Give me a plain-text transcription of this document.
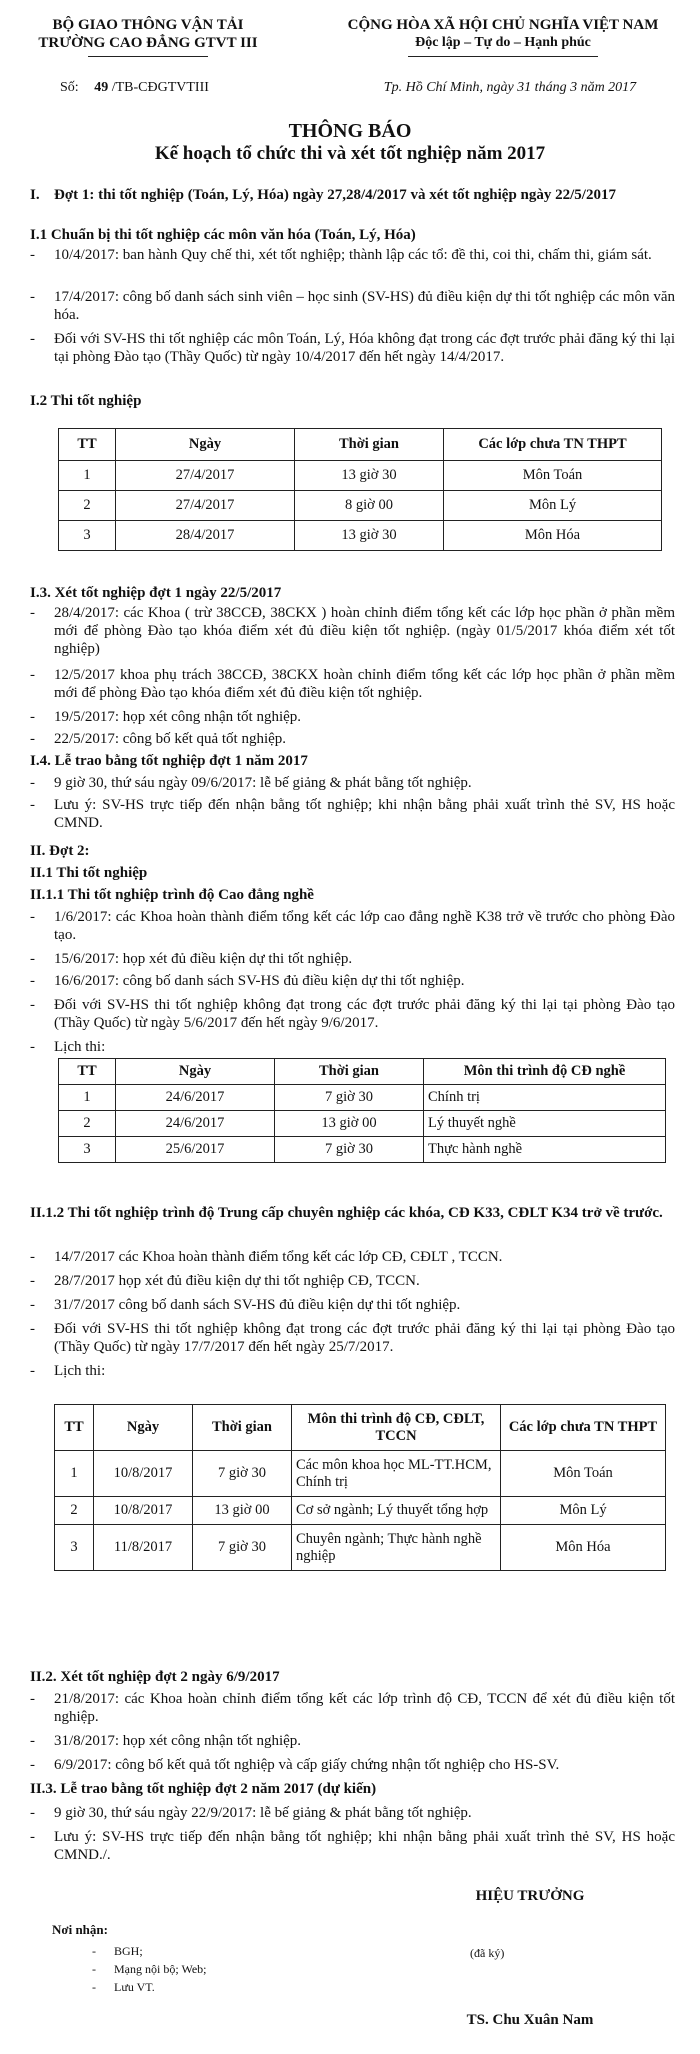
BỘ GIAO THÔNG VẬN TẢI
TRƯỜNG CAO ĐẲNG GTVT III
CỘNG HÒA XÃ HỘI CHỦ NGHĨA VIỆT NAM
Độc lập – Tự do – Hạnh phúc
Số: 49 /TB-CĐGTVTIII	Tp. Hồ Chí Minh, ngày 31 tháng 3 năm 2017
THÔNG BÁO
Kế hoạch tổ chức thi và xét tốt nghiệp năm 2017
I. Đợt 1: thi tốt nghiệp (Toán, Lý, Hóa) ngày 27,28/4/2017 và xét tốt nghiệp ngày 22/5/2017
I.1 Chuẩn bị thi tốt nghiệp các môn văn hóa (Toán, Lý, Hóa)
-	10/4/2017: ban hành Quy chế thi, xét tốt nghiệp; thành lập các tổ: đề thi, coi thi, chấm thi, giám sát.
-	17/4/2017: công bố danh sách sinh viên – học sinh (SV-HS) đủ điều kiện dự thi tốt nghiệp các môn văn hóa.
-	Đối với SV-HS thi tốt nghiệp các môn Toán, Lý, Hóa không đạt trong các đợt trước phải đăng ký thi lại tại phòng Đào tạo (Thầy Quốc) từ ngày 10/4/2017 đến hết ngày 14/4/2017.
I.2 Thi tốt nghiệp
TT	Ngày	Thời gian	Các lớp chưa TN THPT
1	27/4/2017	13 giờ 30	Môn Toán
2	27/4/2017	8 giờ 00	Môn Lý
3	28/4/2017	13 giờ 30	Môn Hóa
I.3. Xét tốt nghiệp đợt 1 ngày 22/5/2017
-	28/4/2017: các Khoa ( trừ 38CCĐ, 38CKX ) hoàn chỉnh điểm tổng kết các lớp học phần ở phần mềm mới để phòng Đào tạo khóa điểm xét đủ điều kiện tốt nghiệp. (ngày 01/5/2017 khóa điểm xét tốt nghiệp)
-	12/5/2017 khoa phụ trách 38CCĐ, 38CKX hoàn chỉnh điểm tổng kết các lớp học phần ở phần mềm mới để phòng Đào tạo khóa điểm xét đủ điều kiện tốt nghiệp.
-	19/5/2017: họp xét công nhận tốt nghiệp.
-	22/5/2017: công bố kết quả tốt nghiệp.
I.4. Lễ trao bằng tốt nghiệp đợt 1 năm 2017
-	9 giờ 30, thứ sáu ngày 09/6/2017: lễ bế giảng & phát bằng tốt nghiệp.
-	Lưu ý: SV-HS trực tiếp đến nhận bằng tốt nghiệp; khi nhận bằng phải xuất trình thẻ SV, HS hoặc CMND.
II. Đợt 2:
II.1 Thi tốt nghiệp
II.1.1 Thi tốt nghiệp trình độ Cao đẳng nghề
-	1/6/2017: các Khoa hoàn thành điểm tổng kết các lớp cao đẳng nghề K38 trở về trước cho phòng Đào tạo.
-	15/6/2017: họp xét đủ điều kiện dự thi tốt nghiệp.
-	16/6/2017: công bố danh sách SV-HS đủ điều kiện dự thi tốt nghiệp.
-	Đối với SV-HS thi tốt nghiệp không đạt trong các đợt trước phải đăng ký thi lại tại phòng Đào tạo (Thầy Quốc) từ ngày 5/6/2017 đến hết ngày 9/6/2017.
-	Lịch thi:
TT	Ngày	Thời gian	Môn thi trình độ CĐ nghề
1	24/6/2017	7 giờ 30	Chính trị
2	24/6/2017	13 giờ 00	Lý thuyết nghề
3	25/6/2017	7 giờ 30	Thực hành nghề
II.1.2 Thi tốt nghiệp trình độ Trung cấp chuyên nghiệp các khóa, CĐ K33, CĐLT K34 trở về trước.
-	14/7/2017 các Khoa hoàn thành điểm tổng kết các lớp CĐ, CĐLT , TCCN.
-	28/7/2017 họp xét đủ điều kiện dự thi tốt nghiệp CĐ, TCCN.
-	31/7/2017 công bố danh sách SV-HS đủ điều kiện dự thi tốt nghiệp.
-	Đối với SV-HS thi tốt nghiệp không đạt trong các đợt trước phải đăng ký thi lại tại phòng Đào tạo (Thầy Quốc) từ ngày 17/7/2017 đến hết ngày 25/7/2017.
-	Lịch thi:
TT	Ngày	Thời gian	Môn thi trình độ CĐ, CĐLT, TCCN	Các lớp chưa TN THPT
1	10/8/2017	7 giờ 30	Các môn khoa học ML-TT.HCM, Chính trị	Môn Toán
2	10/8/2017	13 giờ 00	Cơ sở ngành; Lý thuyết tổng hợp	Môn Lý
3	11/8/2017	7 giờ 30	Chuyên ngành; Thực hành nghề nghiệp	Môn Hóa
II.2. Xét tốt nghiệp đợt 2 ngày 6/9/2017
-	21/8/2017: các Khoa hoàn chỉnh điểm tổng kết các lớp trình độ CĐ, TCCN để xét đủ điều kiện tốt nghiệp.
-	31/8/2017: họp xét công nhận tốt nghiệp.
-	6/9/2017: công bố kết quả tốt nghiệp và cấp giấy chứng nhận tốt nghiệp cho HS-SV.
II.3. Lễ trao bằng tốt nghiệp đợt 2 năm 2017 (dự kiến)
-	9 giờ 30, thứ sáu ngày 22/9/2017: lễ bế giảng & phát bằng tốt nghiệp.
-	Lưu ý: SV-HS trực tiếp đến nhận bằng tốt nghiệp; khi nhận bằng phải xuất trình thẻ SV, HS hoặc CMND./.
HIỆU TRƯỞNG
Nơi nhận:
- BGH;
- Mạng nội bộ; Web;
- Lưu VT.
(đã ký)
TS. Chu Xuân Nam
